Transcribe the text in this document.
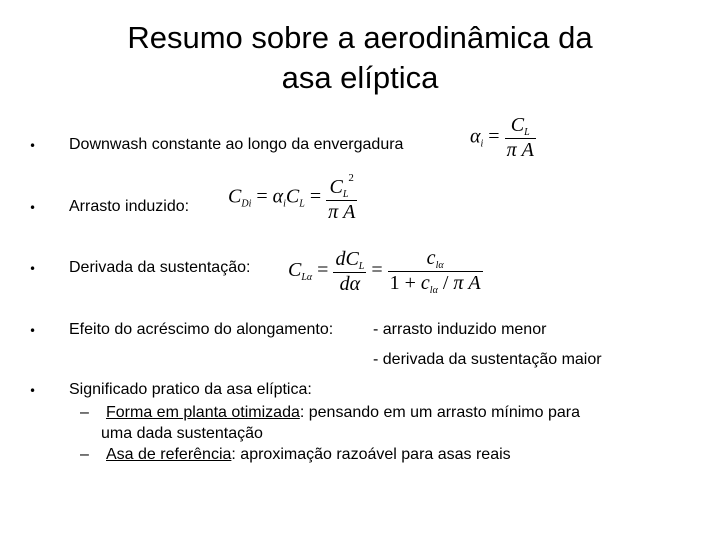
Resumo sobre a aerodinâmica da
asa elíptica
• Downwash constante ao longo da envergadura	$\alpha_i = \frac{C_L}{\text{π A}}$
• Arrasto induzido: $C_{Di} = \alpha_iC_L = \frac{C_L^2}{\text{π A}}$
• Derivada da sustentação: $C_{L\alpha} = \frac{dC_L}{d\alpha} = \frac{c_{l\alpha}}{1 + c_{l\alpha} / \pi A}$
• Efeito do acréscimo do alongamento: - arrasto induzido menor
- derivada da sustentação maior
• Significado pratico da asa elíptica:
– Forma em planta otimizada: pensando em um arrasto mínimo para
uma dada sustentação
– Asa de referência: aproximação razoável para asas reais
